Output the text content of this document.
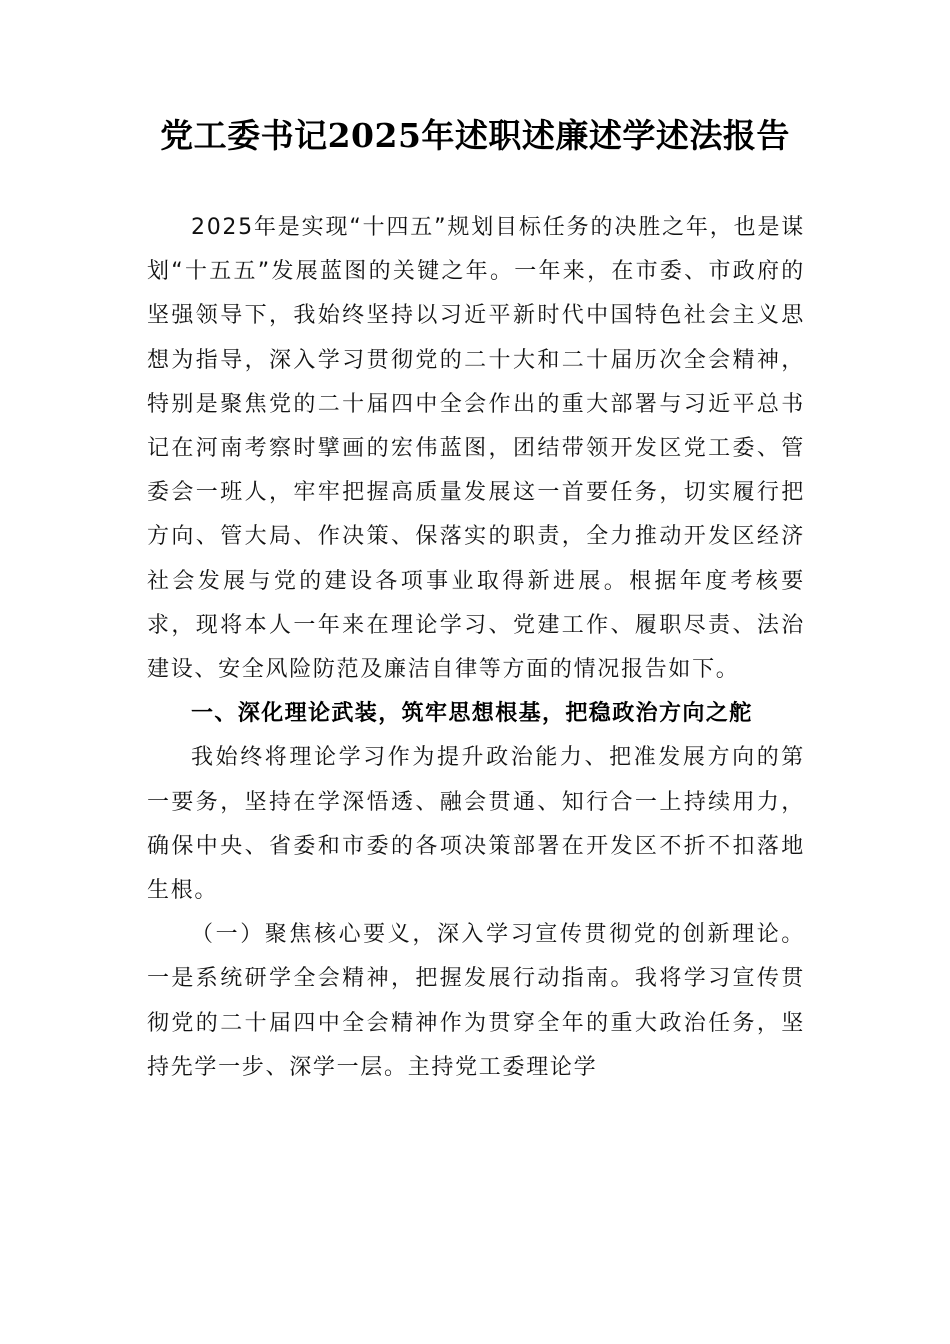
党工委书记2025年述职述廉述学述法报告

2025年是实现“十四五”规划目标任务的决胜之年，也是谋划“十五五”发展蓝图的关键之年。一年来，在市委、市政府的坚强领导下，我始终坚持以习近平新时代中国特色社会主义思想为指导，深入学习贯彻党的二十大和二十届历次全会精神，特别是聚焦党的二十届四中全会作出的重大部署与习近平总书记在河南考察时擘画的宏伟蓝图，团结带领开发区党工委、管委会一班人，牢牢把握高质量发展这一首要任务，切实履行把方向、管大局、作决策、保落实的职责，全力推动开发区经济社会发展与党的建设各项事业取得新进展。根据年度考核要求，现将本人一年来在理论学习、党建工作、履职尽责、法治建设、安全风险防范及廉洁自律等方面的情况报告如下。

一、深化理论武装，筑牢思想根基，把稳政治方向之舵

我始终将理论学习作为提升政治能力、把准发展方向的第一要务，坚持在学深悟透、融会贯通、知行合一上持续用力，确保中央、省委和市委的各项决策部署在开发区不折不扣落地生根。

（一）聚焦核心要义，深入学习宣传贯彻党的创新理论。一是系统研学全会精神，把握发展行动指南。我将学习宣传贯彻党的二十届四中全会精神作为贯穿全年的重大政治任务，坚持先学一步、深学一层。主持党工委理论学
